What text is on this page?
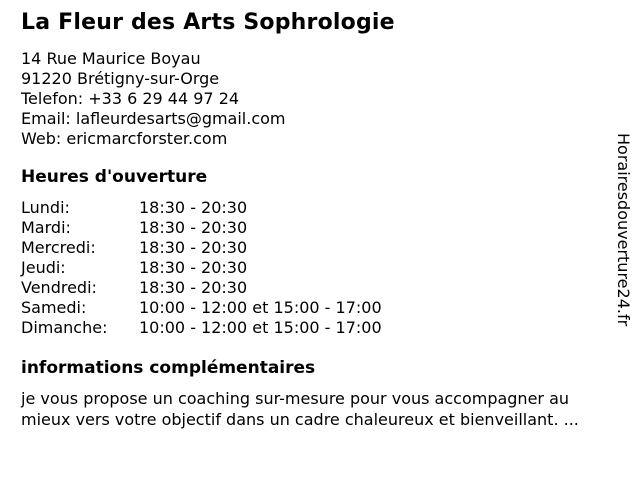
La Fleur des Arts Sophrologie
14 Rue Maurice Boyau
91220 Brétigny-sur-Orge
Telefon: +33 6 29 44 97 24
Email: lafleurdesarts@gmail.com
Web: ericmarcforster.com
Heures d'ouverture
Lundi:	18:30 - 20:30
Mardi:	18:30 - 20:30
Mercredi:	18:30 - 20:30
Jeudi:	18:30 - 20:30
Vendredi:	18:30 - 20:30
Samedi:	10:00 - 12:00 et 15:00 - 17:00
Dimanche:	10:00 - 12:00 et 15:00 - 17:00
informations complémentaires

je vous propose un coaching sur-mesure pour vous accompagner au mieux vers votre objectif dans un cadre chaleureux et bienveillant. ...

Horairesdouverture24.fr
